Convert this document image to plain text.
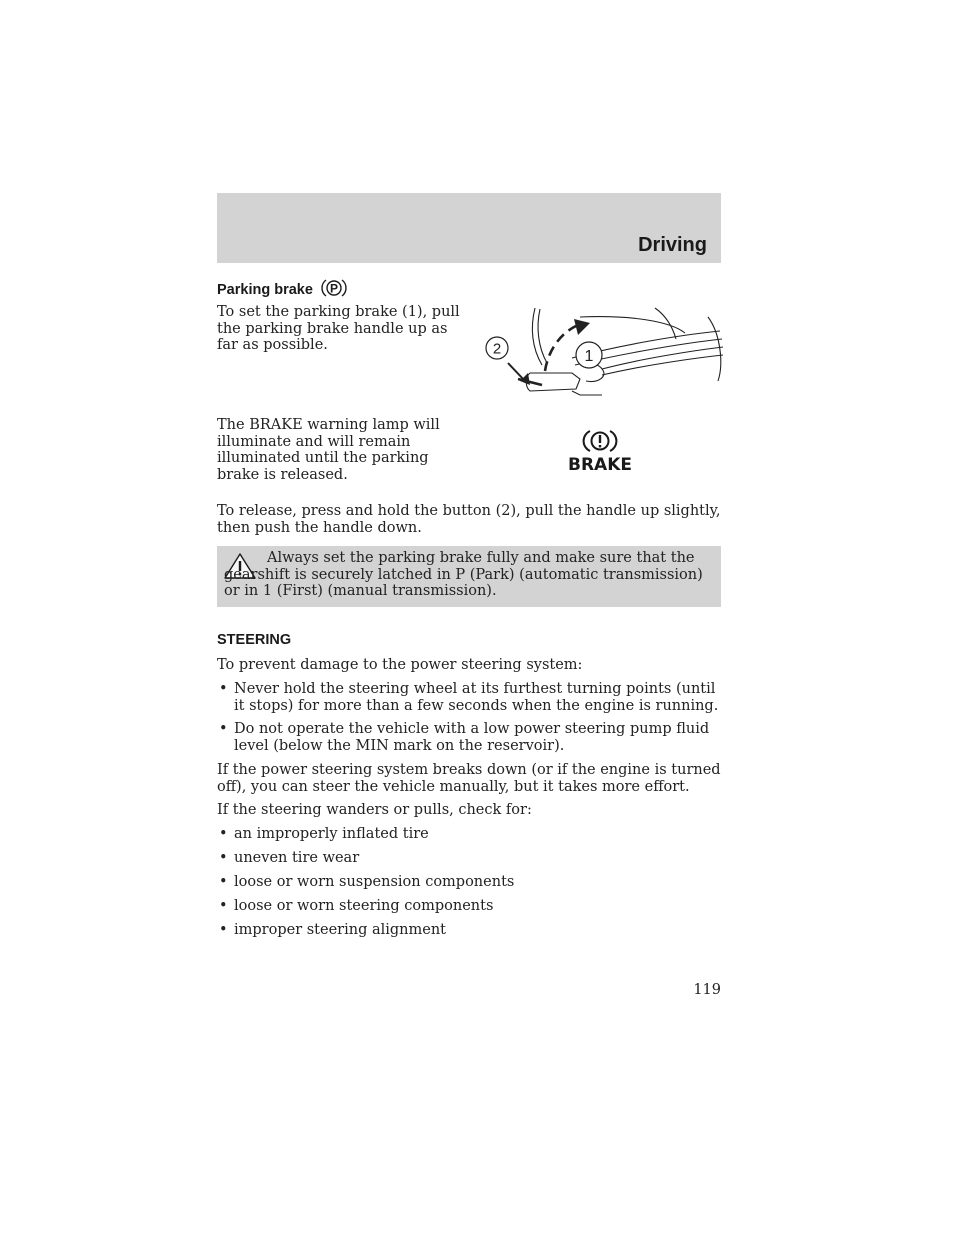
Driving
Parking brake P
To set the parking brake (1), pull the parking brake handle up as far as possible.	2	1
The BRAKE warning lamp will illuminate and will remain illuminated until the parking brake is released.	BRAKE
To release, press and hold the button (2), pull the handle up slightly, then push the handle down.
Always set the parking brake fully and make sure that the gearshift is securely latched in P (Park) (automatic transmission) or in 1 (First) (manual transmission).
STEERING
To prevent damage to the power steering system:
• Never hold the steering wheel at its furthest turning points (until it stops) for more than a few seconds when the engine is running.
• Do not operate the vehicle with a low power steering pump fluid level (below the MIN mark on the reservoir).
If the power steering system breaks down (or if the engine is turned off), you can steer the vehicle manually, but it takes more effort.
If the steering wanders or pulls, check for:
• an improperly inflated tire
• uneven tire wear
• loose or worn suspension components
• loose or worn steering components
• improper steering alignment
119
